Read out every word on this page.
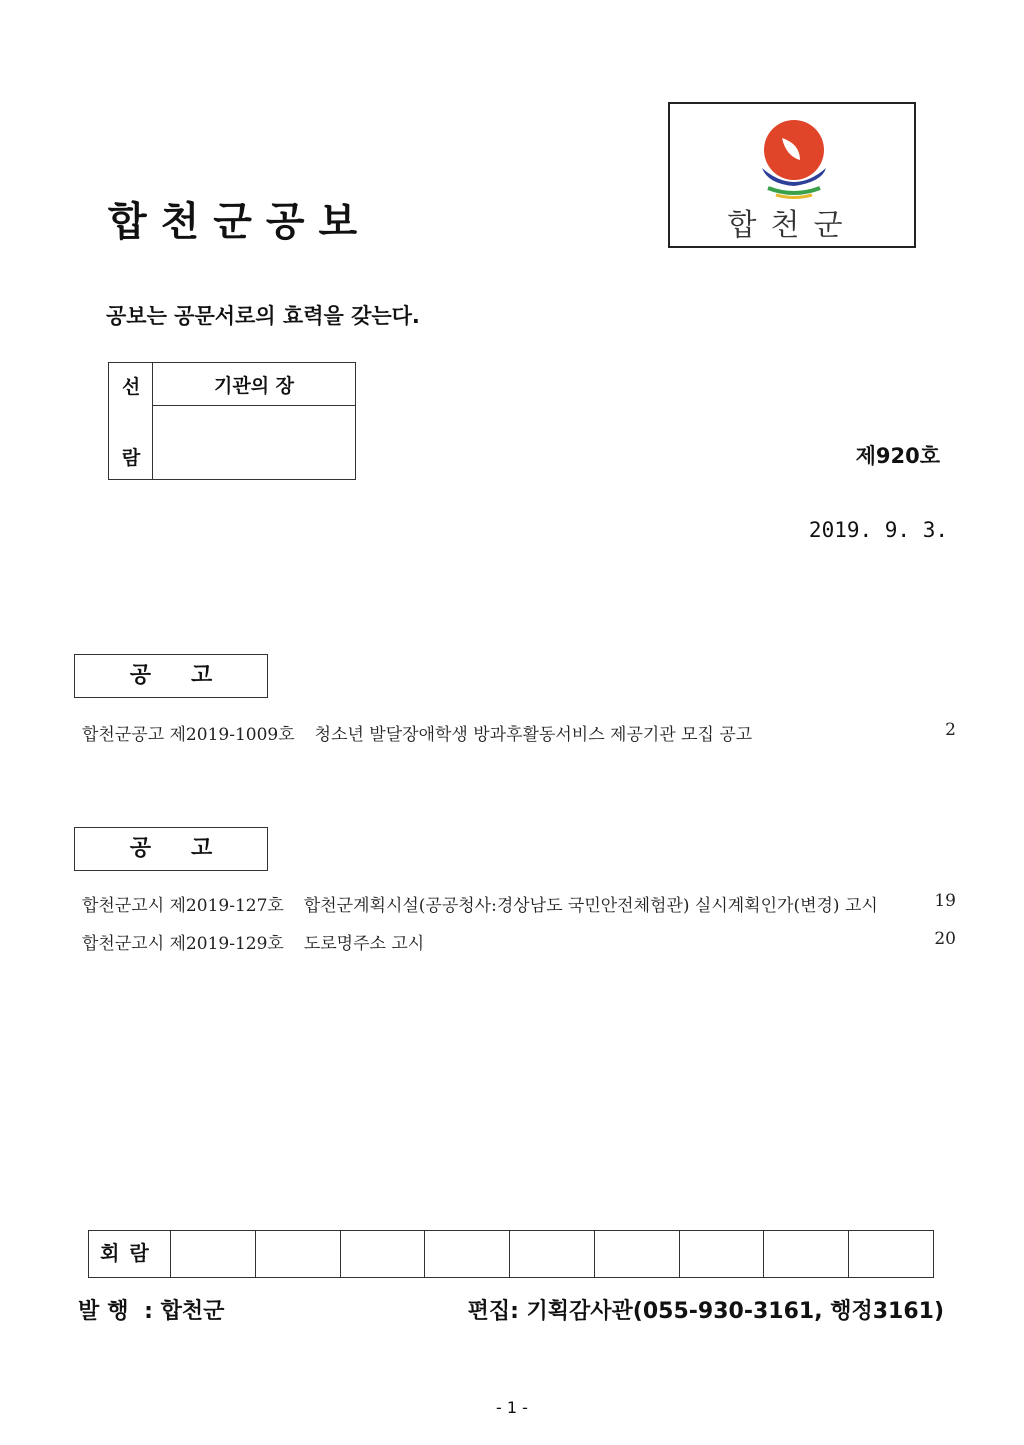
합천군공보	합천군

공보는 공문서로의 효력을 갖는다.

선
람
기관의 장
제920호
2019. 9. 3.
공고
합천군공고 제2019-1009호 청소년 발달장애학생 방과후활동서비스 제공기관 모집 공고	2
공고
합천군고시 제2019-127호 합천군계획시설(공공청사:경상남도 국민안전체험관) 실시계획인가(변경) 고시	19
합천군고시 제2019-129호 도로명주소 고시	20
회람
발행 : 합천군	편집: 기획감사관(055-930-3161, 행정3161)
- 1 -
